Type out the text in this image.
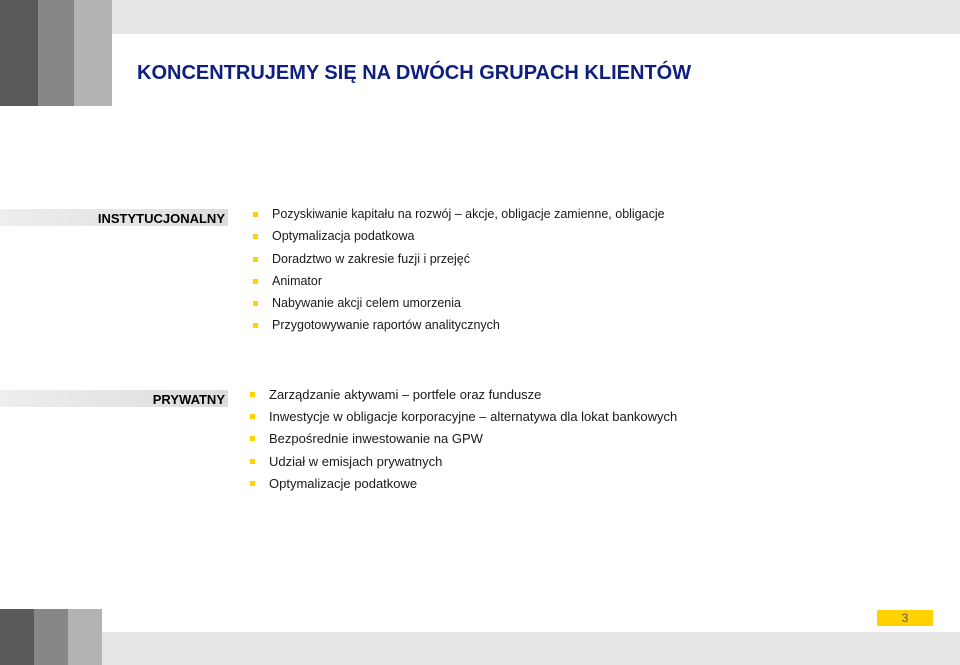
KONCENTRUJEMY SIĘ NA DWÓCH GRUPACH KLIENTÓW
INSTYTUCJONALNY	Pozyskiwanie kapitału na rozwój – akcje, obligacje zamienne, obligacje
Optymalizacja podatkowa
Doradztwo w zakresie fuzji i przejęć
Animator
Nabywanie akcji celem umorzenia
Przygotowywanie raportów analitycznych
PRYWATNY	Zarządzanie aktywami – portfele oraz fundusze
Inwestycje w obligacje korporacyjne – alternatywa dla lokat bankowych
Bezpośrednie inwestowanie na GPW
Udział w emisjach prywatnych
Optymalizacje podatkowe
3
